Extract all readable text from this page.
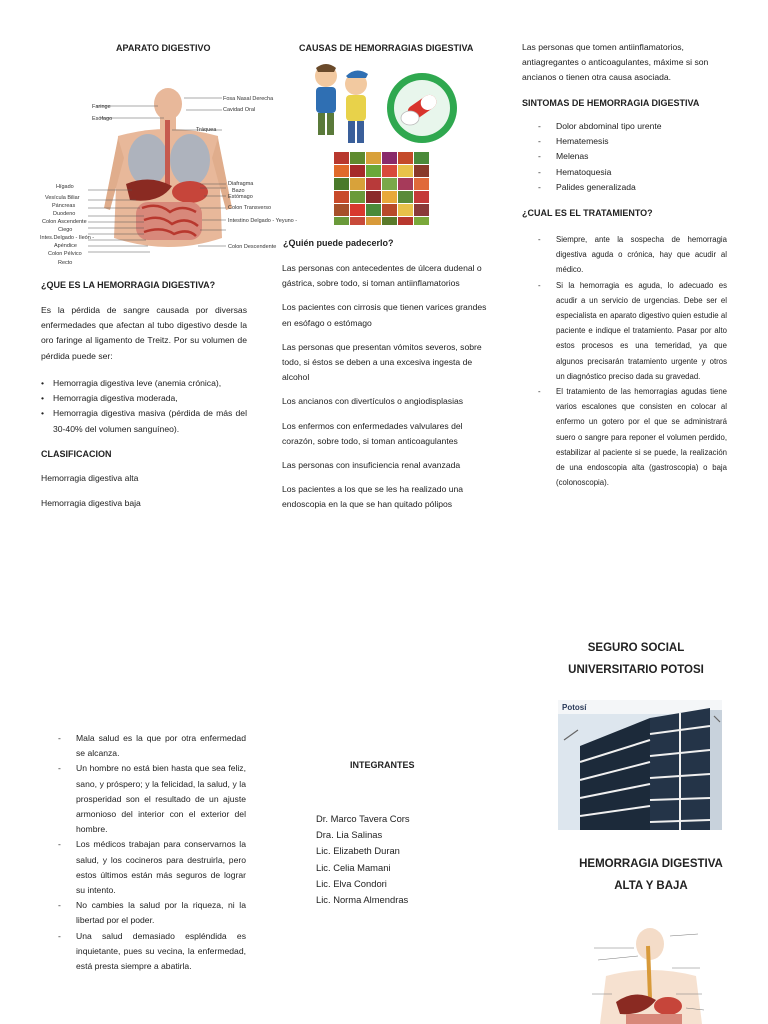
APARATO DIGESTIVO
Fosa Nasal Derecha
Cavidad Oral
Tráquea
Diafragma
Bazo
Estómago
Colon Transverso
Intestino Delgado - Yeyuno -
Colon Descendente
Faringe
Esófago
Hígado
Vesícula Biliar
Páncreas
Duodeno
Colon Ascendente
Ciego
Intes.Delgado - Ileón -
Apéndice
Colon Pélvico
Recto
¿QUE ES LA HEMORRAGIA DIGESTIVA?
Es la pérdida de sangre causada por diversas enfermedades que afectan al tubo digestivo desde la oro faringe al ligamento de Treitz. Por su volumen de pérdida puede ser:
• Hemorragia digestiva leve (anemia crónica),
• Hemorragia digestiva moderada,
• Hemorragia digestiva masiva (pérdida de más del 30-40% del volumen sanguíneo).
CLASIFICACION
Hemorragia digestiva alta
Hemorragia digestiva baja
CAUSAS DE HEMORRAGIAS DIGESTIVA
¿Quién puede padecerlo?

Las personas con antecedentes de úlcera dudenal o gástrica, sobre todo, si toman antiinflamatorios

Los pacientes con cirrosis que tienen varices grandes en esófago o estómago

Las personas que presentan vómitos severos, sobre todo, si éstos se deben a una excesiva ingesta de alcohol

Los ancianos con divertículos o angiodisplasias

Los enfermos con enfermedades valvulares del corazón, sobre todo, si toman anticoagulantes

Las personas con insuficiencia renal avanzada

Los pacientes a los que se les ha realizado una endoscopia en la que se han quitado pólipos

Las personas que tomen antiinflamatorios, antiagregantes o anticoagulantes, máxime si son ancianos o tienen otra causa asociada.
SINTOMAS DE HEMORRAGIA DIGESTIVA
- Dolor abdominal tipo urente
- Hematemesis
- Melenas
- Hematoquesia
- Palides generalizada
¿CUAL ES EL TRATAMIENTO?
- Siempre, ante la sospecha de hemorragia digestiva aguda o crónica, hay que acudir al médico.
- Si la hemorragia es aguda, lo adecuado es acudir a un servicio de urgencias. Debe ser el especialista en aparato digestivo quien estudie al paciente e indique el tratamiento. Pasar por alto estos procesos es una temeridad, ya que algunos precisarán tratamiento urgente y otros un diagnóstico preciso dada su gravedad.
- El tratamiento de las hemorragias agudas tiene varios escalones que consisten en colocar al enfermo un gotero por el que se administrará suero o sangre para reponer el volumen perdido, estabilizar al paciente si se puede, la realización de una endoscopia alta (gastroscopia) o baja (colonoscopia).
- Mala salud es la que por otra enfermedad se alcanza.
- Un hombre no está bien hasta que sea feliz, sano, y próspero; y la felicidad, la salud, y la prosperidad son el resultado de un ajuste armonioso del interior con el exterior del hombre.
- Los médicos trabajan para conservarnos la salud, y los cocineros para destruirla, pero estos últimos están más seguros de lograr su intento.
- No cambies la salud por la riqueza, ni la libertad por el poder.
- Una salud demasiado espléndida es inquietante, pues su vecina, la enfermedad, está presta siempre a abatirla.
INTEGRANTES
Dr. Marco Tavera Cors
Dra. Lia Salinas
Lic. Elizabeth Duran
Lic. Celia Mamani
Lic. Elva Condori
Lic. Norma Almendras
SEGURO SOCIAL
UNIVERSITARIO POTOSI
Potosí
HEMORRAGIA DIGESTIVA
ALTA Y BAJA
